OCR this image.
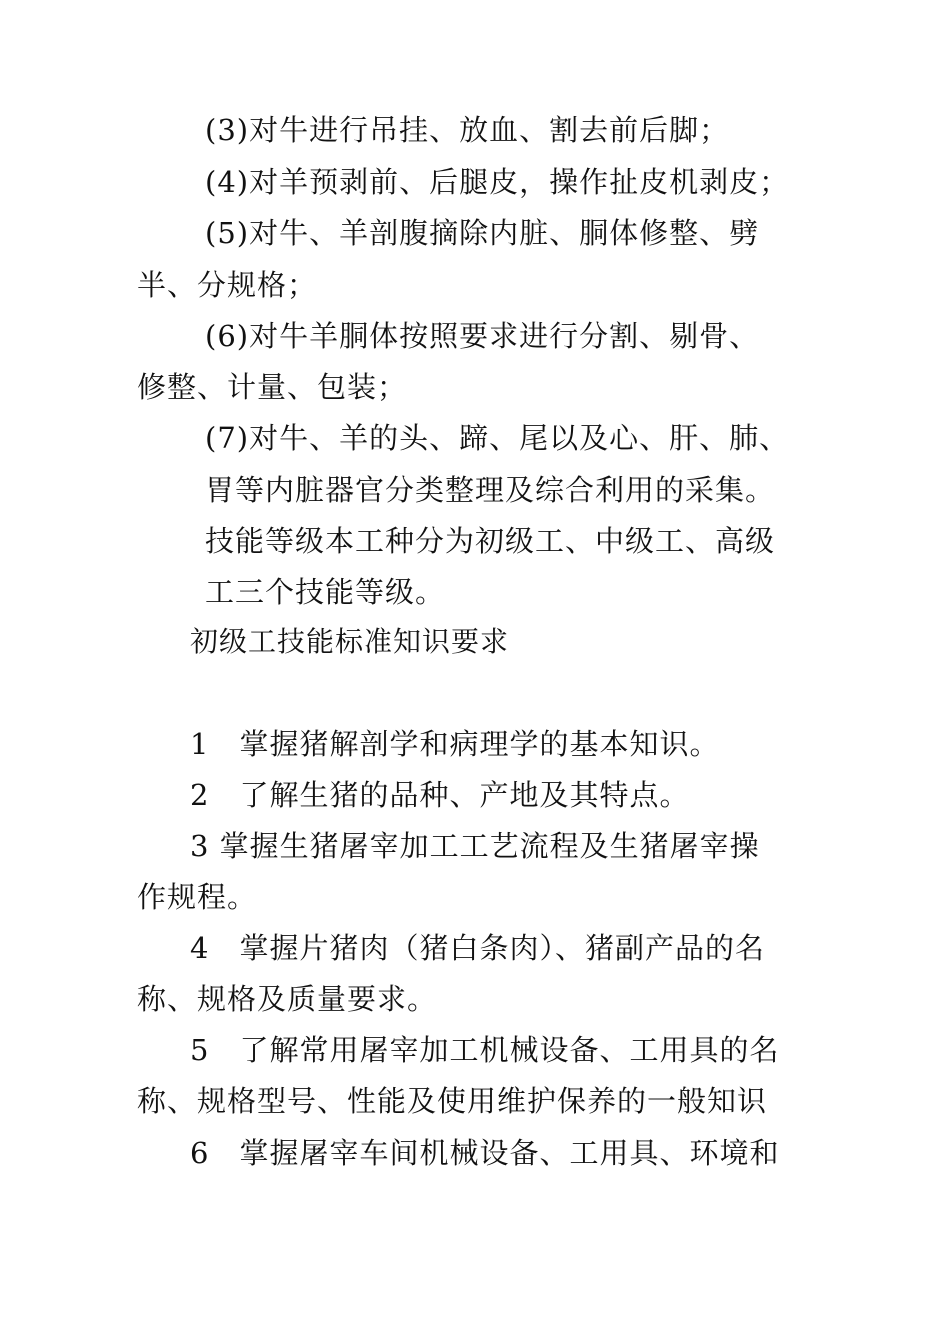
(3)对牛进行吊挂、放血、割去前后脚；

(4)对羊预剥前、后腿皮，操作扯皮机剥皮；

(5)对牛、羊剖腹摘除内脏、胴体修整、劈

半、分规格；

(6)对牛羊胴体按照要求进行分割、剔骨、

修整、计量、包装；

(7)对牛、羊的头、蹄、尾以及心、肝、肺、

胃等内脏器官分类整理及综合利用的采集。

技能等级本工种分为初级工、中级工、高级

工三个技能等级。

初级工技能标准知识要求

1　掌握猪解剖学和病理学的基本知识。

2　了解生猪的品种、产地及其特点。

3 掌握生猪屠宰加工工艺流程及生猪屠宰操

作规程。

4　掌握片猪肉（猪白条肉）、猪副产品的名

称、规格及质量要求。

5　了解常用屠宰加工机械设备、工用具的名

称、规格型号、性能及使用维护保养的一般知识

6　掌握屠宰车间机械设备、工用具、环境和
